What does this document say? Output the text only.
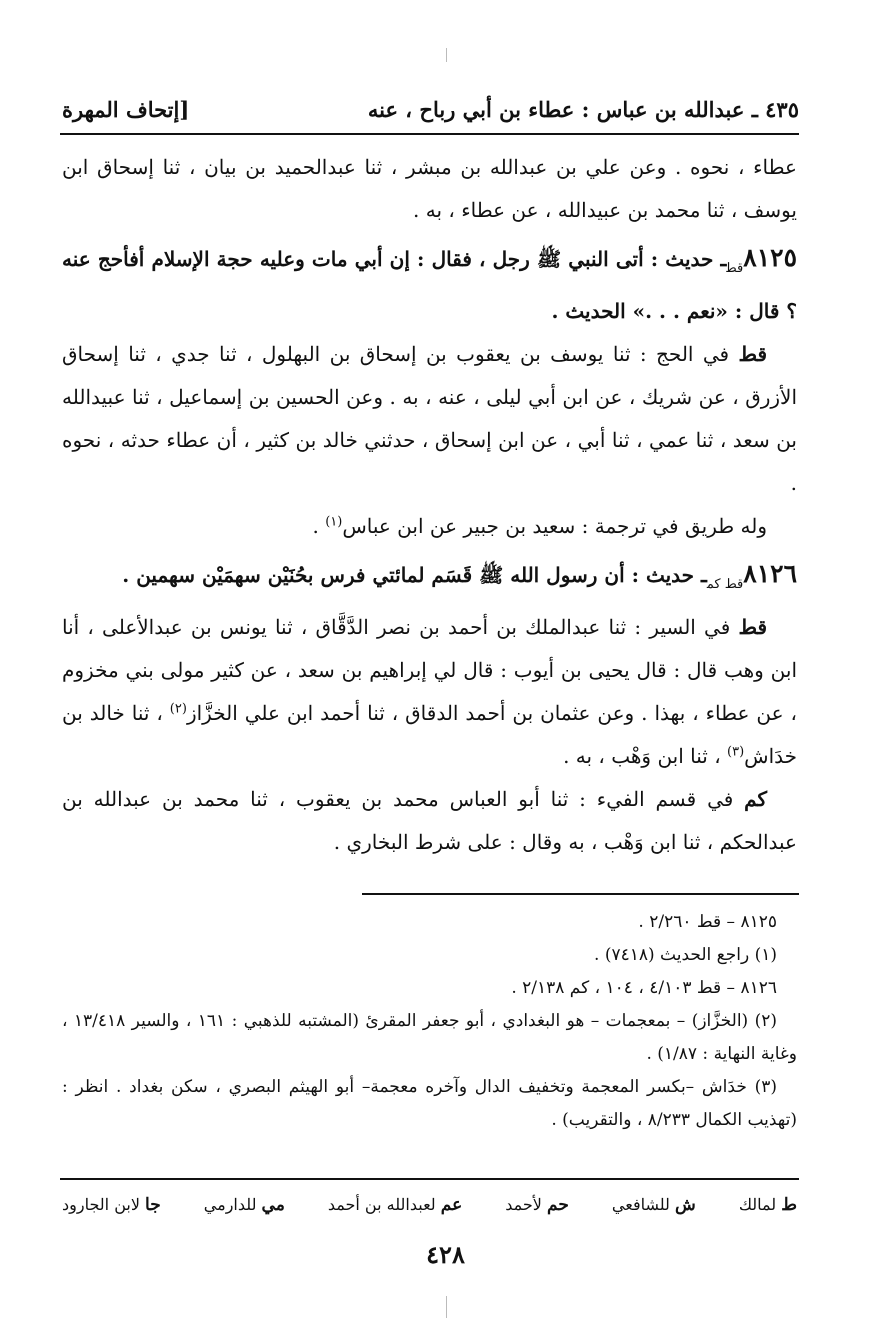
٤٣٥ ـ عبدالله بن عباس : عطاء بن أبي رباح ، عنه
[إتحاف المهرة

عطاء ، نحوه . وعن علي بن عبدالله بن مبشر ، ثنا عبدالحميد بن بيان ، ثنا إسحاق ابن يوسف ، ثنا محمد بن عبيدالله ، عن عطاء ، به .

$٨١٢٥_{قط}ـ$ حديث : أتى النبي ﷺ رجل ، فقال : إن أبي مات وعليه حجة الإسلام أفأحج عنه ؟ قال : «نعم . . .» الحديث .

قط في الحج : ثنا يوسف بن يعقوب بن إسحاق بن البهلول ، ثنا جدي ، ثنا إسحاق الأزرق ، عن شريك ، عن ابن أبي ليلى ، عنه ، به . وعن الحسين بن إسماعيل ، ثنا عبيدالله بن سعد ، ثنا عمي ، ثنا أبي ، عن ابن إسحاق ، حدثني خالد بن كثير ، أن عطاء حدثه ، نحوه .

وله طريق في ترجمة : سعيد بن جبير عن ابن عباس$^{(١)}$ .

$٨١٢٦_{قط كم}ـ$ حديث : أن رسول الله ﷺ قَسَم لمائتي فرس بحُنَيْن سهمَيْن سهمين .

قط في السير : ثنا عبدالملك بن أحمد بن نصر الدَّقَّاق ، ثنا يونس بن عبدالأعلى ، أنا ابن وهب قال : قال يحيى بن أيوب : قال لي إبراهيم بن سعد ، عن كثير مولى بني مخزوم ، عن عطاء ، بهذا . وعن عثمان بن أحمد الدقاق ، ثنا أحمد ابن علي الخزَّاز$^{(٢)}$ ، ثنا خالد بن خدَاش$^{(٣)}$ ، ثنا ابن وَهْب ، به .

كم في قسم الفيء : ثنا أبو العباس محمد بن يعقوب ، ثنا محمد بن عبدالله بن عبدالحكم ، ثنا ابن وَهْب ، به وقال : على شرط البخاري .

٨١٢٥ – قط ٢/٢٦٠ .

(١) راجع الحديث (٧٤١٨) .

٨١٢٦ – قط ٤/١٠٣ ، ١٠٤ ، كم ٢/١٣٨ .

(٢) (الخزَّاز) – بمعجمات – هو البغدادي ، أبو جعفر المقرئ (المشتبه للذهبي : ١٦١ ، والسير ١٣/٤١٨ ، وغاية النهاية : ١/٨٧) .

(٣) خدَاش –بكسر المعجمة وتخفيف الدال وآخره معجمة– أبو الهيثم البصري ، سكن بغداد . انظر : (تهذيب الكمال ٨/٢٣٣ ، والتقريب) .

ط لمالك
ش للشافعي
حم لأحمد
عم لعبدالله بن أحمد
مي للدارمي
جا لابن الجارود
٤٢٨
